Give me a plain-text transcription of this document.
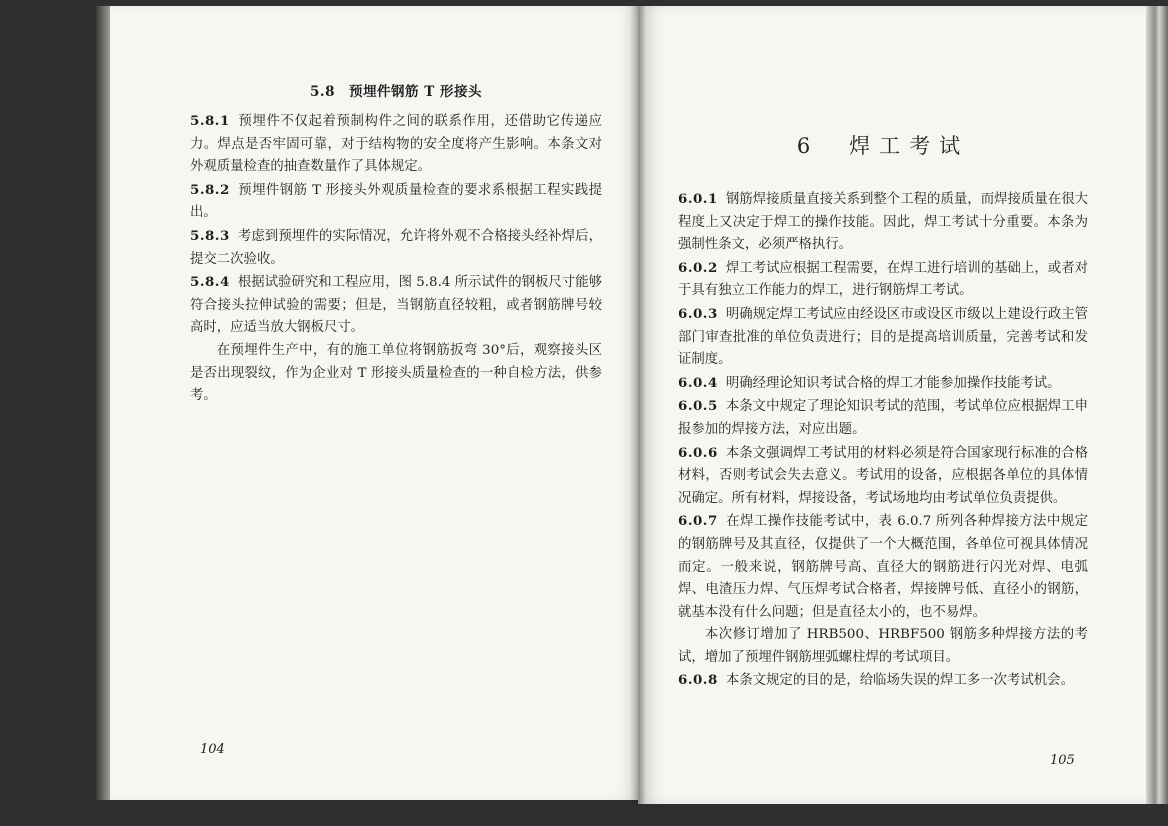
5.8　预埋件钢筋 T 形接头

5.8.1 预埋件不仅起着预制构件之间的联系作用，还借助它传递应力。焊点是否牢固可靠，对于结构物的安全度将产生影响。本条文对外观质量检查的抽查数量作了具体规定。

5.8.2 预埋件钢筋 T 形接头外观质量检查的要求系根据工程实践提出。

5.8.3 考虑到预埋件的实际情况，允许将外观不合格接头经补焊后，提交二次验收。

5.8.4 根据试验研究和工程应用，图 5.8.4 所示试件的钢板尺寸能够符合接头拉伸试验的需要；但是，当钢筋直径较粗，或者钢筋牌号较高时，应适当放大钢板尺寸。

在预埋件生产中，有的施工单位将钢筋扳弯 30°后，观察接头区是否出现裂纹，作为企业对 T 形接头质量检查的一种自检方法，供参考。

104
6　焊工考试

6.0.1 钢筋焊接质量直接关系到整个工程的质量，而焊接质量在很大程度上又决定于焊工的操作技能。因此，焊工考试十分重要。本条为强制性条文，必须严格执行。

6.0.2 焊工考试应根据工程需要，在焊工进行培训的基础上，或者对于具有独立工作能力的焊工，进行钢筋焊工考试。

6.0.3 明确规定焊工考试应由经设区市或设区市级以上建设行政主管部门审查批准的单位负责进行；目的是提高培训质量，完善考试和发证制度。

6.0.4 明确经理论知识考试合格的焊工才能参加操作技能考试。

6.0.5 本条文中规定了理论知识考试的范围，考试单位应根据焊工申报参加的焊接方法，对应出题。

6.0.6 本条文强调焊工考试用的材料必须是符合国家现行标准的合格材料，否则考试会失去意义。考试用的设备，应根据各单位的具体情况确定。所有材料，焊接设备，考试场地均由考试单位负责提供。

6.0.7 在焊工操作技能考试中，表 6.0.7 所列各种焊接方法中规定的钢筋牌号及其直径，仅提供了一个大概范围，各单位可视具体情况而定。一般来说，钢筋牌号高、直径大的钢筋进行闪光对焊、电弧焊、电渣压力焊、气压焊考试合格者，焊接牌号低、直径小的钢筋，就基本没有什么问题；但是直径太小的，也不易焊。

本次修订增加了 HRB500、HRBF500 钢筋多种焊接方法的考试，增加了预埋件钢筋埋弧螺柱焊的考试项目。

6.0.8 本条文规定的目的是，给临场失误的焊工多一次考试机会。

105
